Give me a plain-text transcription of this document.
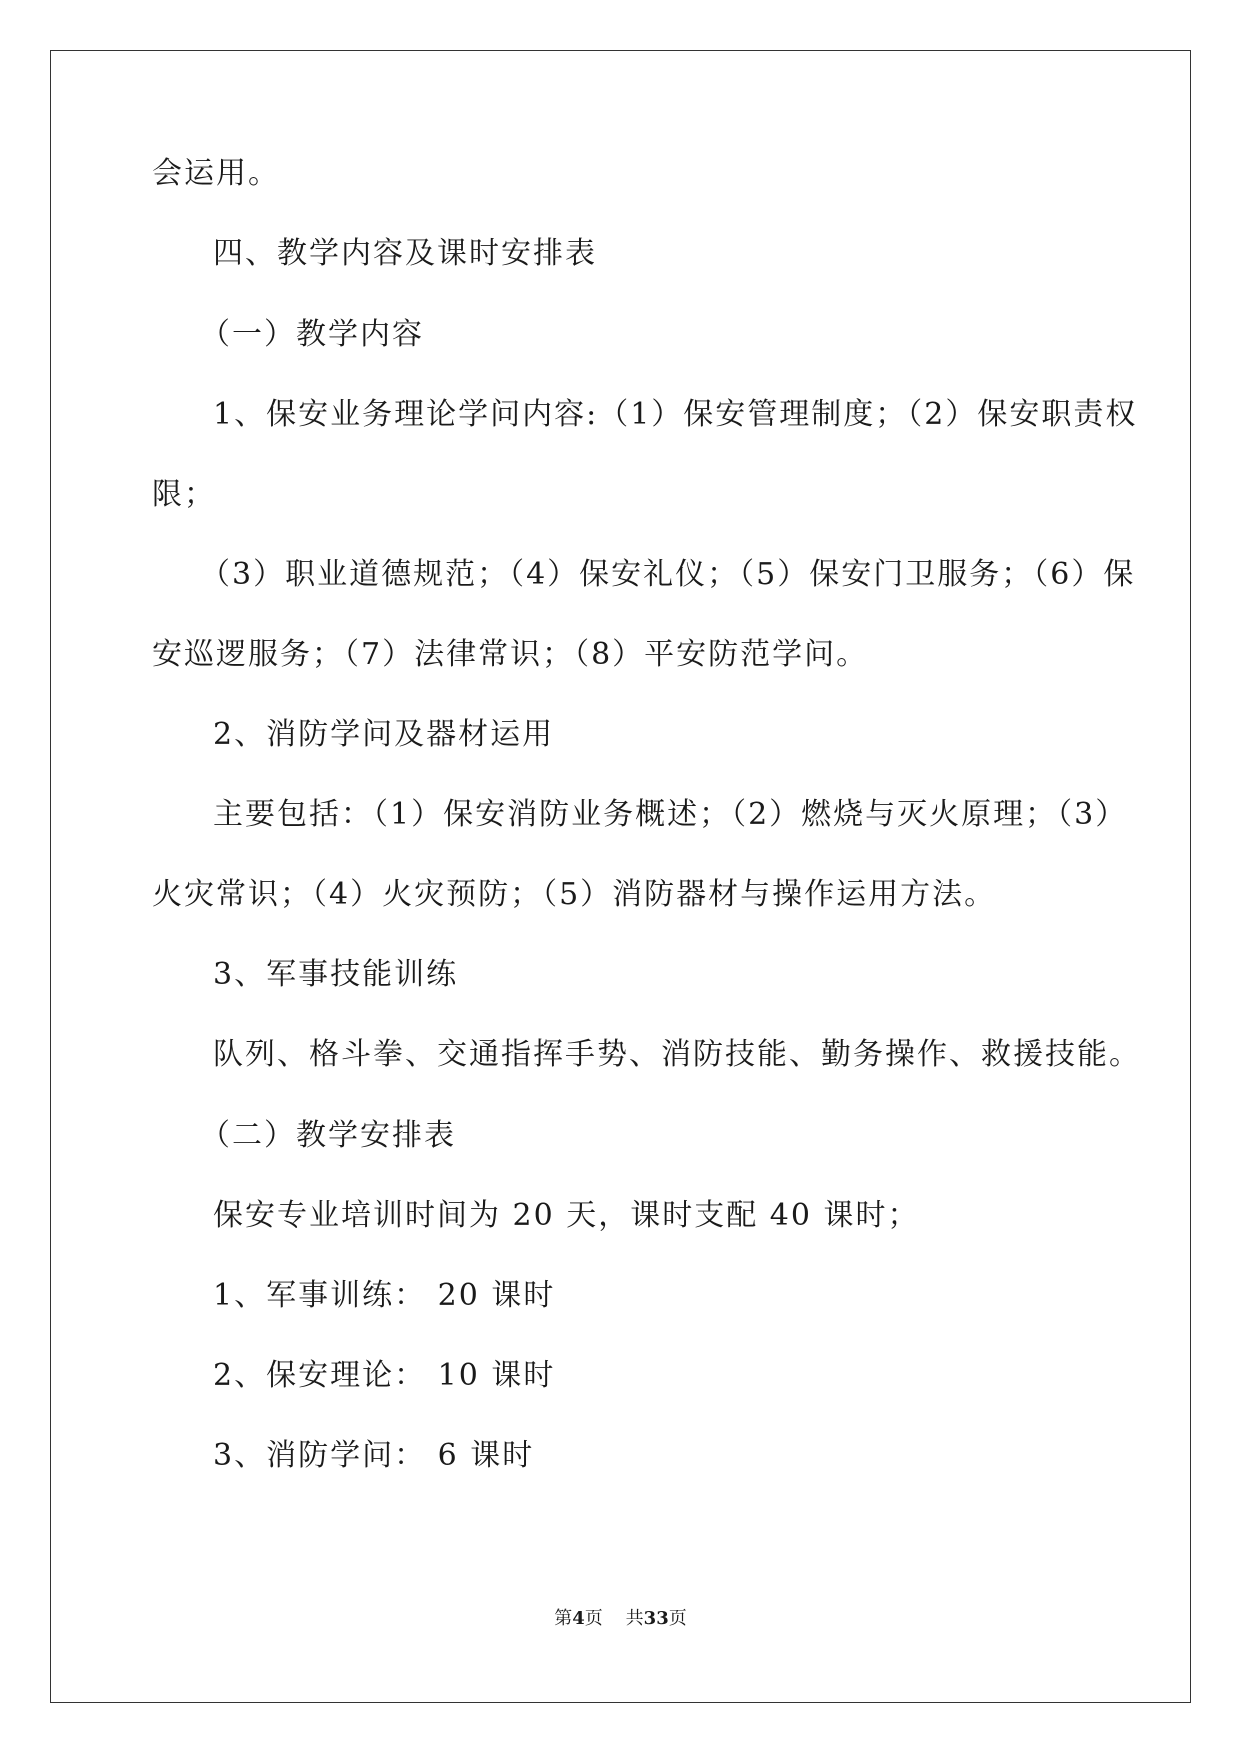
会运用。
四、教学内容及课时安排表
（一）教学内容
1、保安业务理论学问内容:（1）保安管理制度；（2）保安职责权
限；
（3）职业道德规范；（4）保安礼仪；（5）保安门卫服务；（6）保
安巡逻服务；（7）法律常识；（8）平安防范学问。
2、消防学问及器材运用
主要包括：（1）保安消防业务概述；（2）燃烧与灭火原理；（3）
火灾常识；（4）火灾预防；（5）消防器材与操作运用方法。
3、军事技能训练
队列、格斗拳、交通指挥手势、消防技能、勤务操作、救援技能。
（二）教学安排表
保安专业培训时间为 20 天，课时支配 40 课时；
1、军事训练： 20 课时
2、保安理论： 10 课时
3、消防学问： 6 课时
第4页    共33页
